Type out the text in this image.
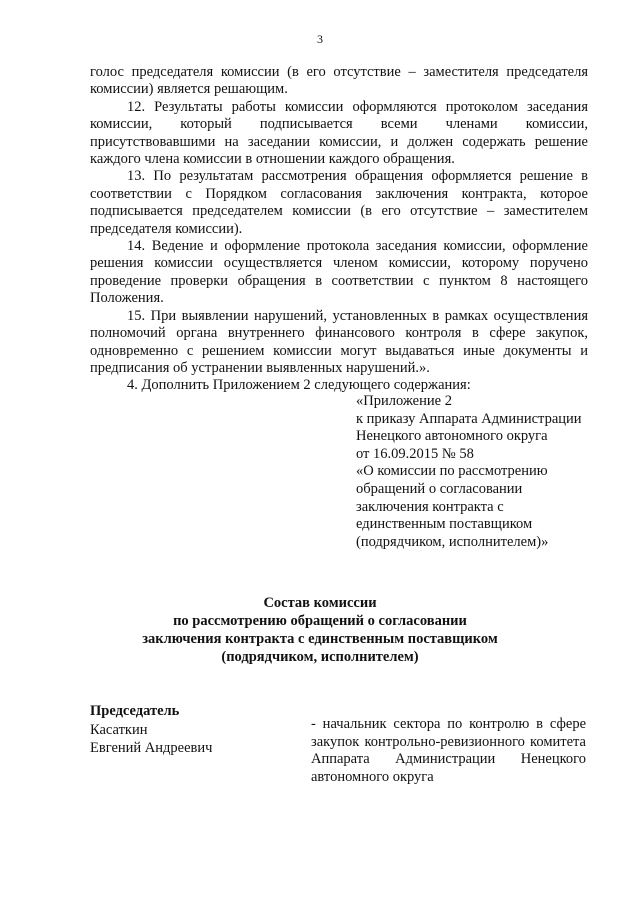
3

голос председателя комиссии (в его отсутствие – заместителя председателя комиссии) является решающим.

12. Результаты работы комиссии оформляются протоколом заседания комиссии, который подписывается всеми членами комиссии, присутствовавшими на заседании комиссии, и должен содержать решение каждого члена комиссии в отношении каждого обращения.

13. По результатам рассмотрения обращения оформляется решение в соответствии с Порядком согласования заключения контракта, которое подписывается председателем комиссии (в его отсутствие – заместителем председателя комиссии).

14. Ведение и оформление протокола заседания комиссии, оформление решения комиссии осуществляется членом комиссии, которому поручено проведение проверки обращения в соответствии с пунктом 8 настоящего Положения.

15. При выявлении нарушений, установленных в рамках осуществления полномочий органа внутреннего финансового контроля в сфере закупок, одновременно с решением комиссии могут выдаваться иные документы и предписания об устранении выявленных нарушений.».

4. Дополнить Приложением 2 следующего содержания:

«Приложение 2
к приказу Аппарата Администрации
Ненецкого автономного округа
от 16.09.2015 № 58
«О комиссии по рассмотрению
обращений о согласовании
заключения контракта с
единственным поставщиком
(подрядчиком, исполнителем)»
Состав комиссии
по рассмотрению обращений о согласовании
заключения контракта с единственным поставщиком
(подрядчиком, исполнителем)
Председатель
Касаткин
Евгений Андреевич
- начальник сектора по контролю в сфере закупок контрольно-ревизионного комитета Аппарата Администрации Ненецкого автономного округа
